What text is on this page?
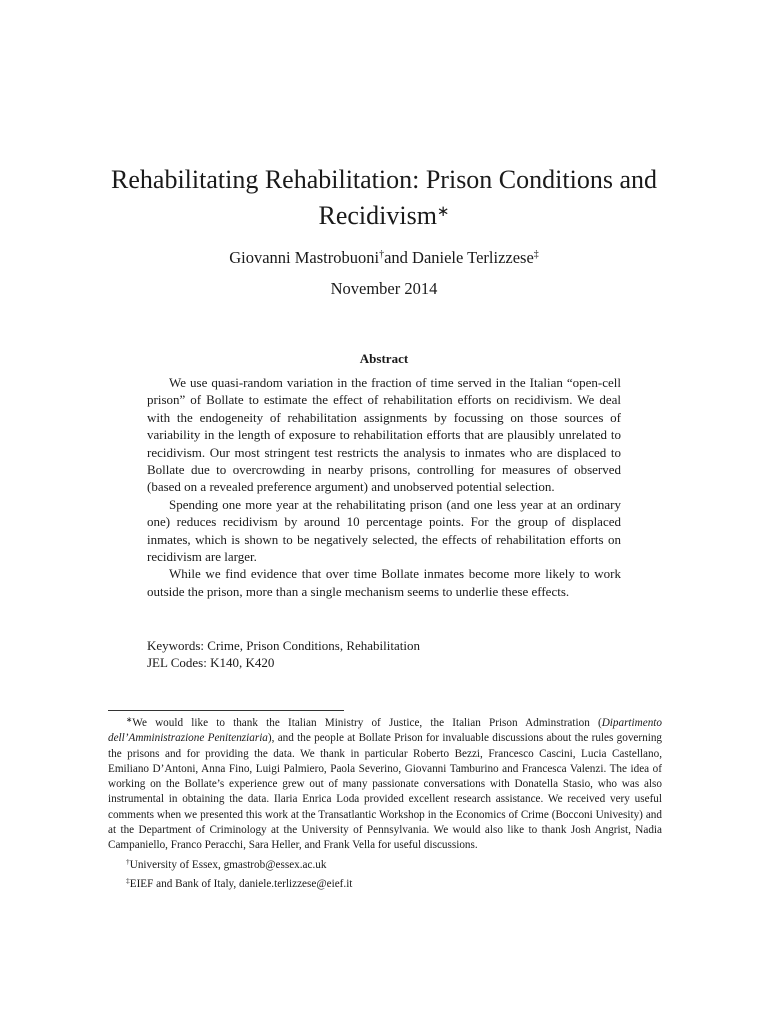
Rehabilitating Rehabilitation: Prison Conditions and Recidivism∗
Giovanni Mastrobuoni†and Daniele Terlizzese‡
November 2014
Abstract

We use quasi-random variation in the fraction of time served in the Italian “open-cell prison” of Bollate to estimate the effect of rehabilitation efforts on recidivism. We deal with the endogeneity of rehabilitation assignments by focussing on those sources of variability in the length of exposure to rehabilitation efforts that are plausibly unrelated to recidivism. Our most stringent test restricts the analysis to inmates who are displaced to Bollate due to overcrowding in nearby prisons, controlling for measures of observed (based on a revealed preference argument) and unobserved potential selection.

Spending one more year at the rehabilitating prison (and one less year at an ordinary one) reduces recidivism by around 10 percentage points. For the group of displaced inmates, which is shown to be negatively selected, the effects of rehabilitation efforts on recidivism are larger.

While we find evidence that over time Bollate inmates become more likely to work outside the prison, more than a single mechanism seems to underlie these effects.

Keywords: Crime, Prison Conditions, Rehabilitation
JEL Codes: K140, K420

∗We would like to thank the Italian Ministry of Justice, the Italian Prison Adminstration (Dipartimento dell’Amministrazione Penitenziaria), and the people at Bollate Prison for invaluable discussions about the rules governing the prisons and for providing the data. We thank in particular Roberto Bezzi, Francesco Cascini, Lucia Castellano, Emiliano D’Antoni, Anna Fino, Luigi Palmiero, Paola Severino, Giovanni Tamburino and Francesca Valenzi. The idea of working on the Bollate’s experience grew out of many passionate conversations with Donatella Stasio, who was also instrumental in obtaining the data. Ilaria Enrica Loda provided excellent research assistance. We received very useful comments when we presented this work at the Transatlantic Workshop in the Economics of Crime (Bocconi Univesity) and at the Department of Criminology at the University of Pennsylvania. We would also like to thank Josh Angrist, Nadia Campaniello, Franco Peracchi, Sara Heller, and Frank Vella for useful discussions.

†University of Essex, gmastrob@essex.ac.uk

‡EIEF and Bank of Italy, daniele.terlizzese@eief.it
